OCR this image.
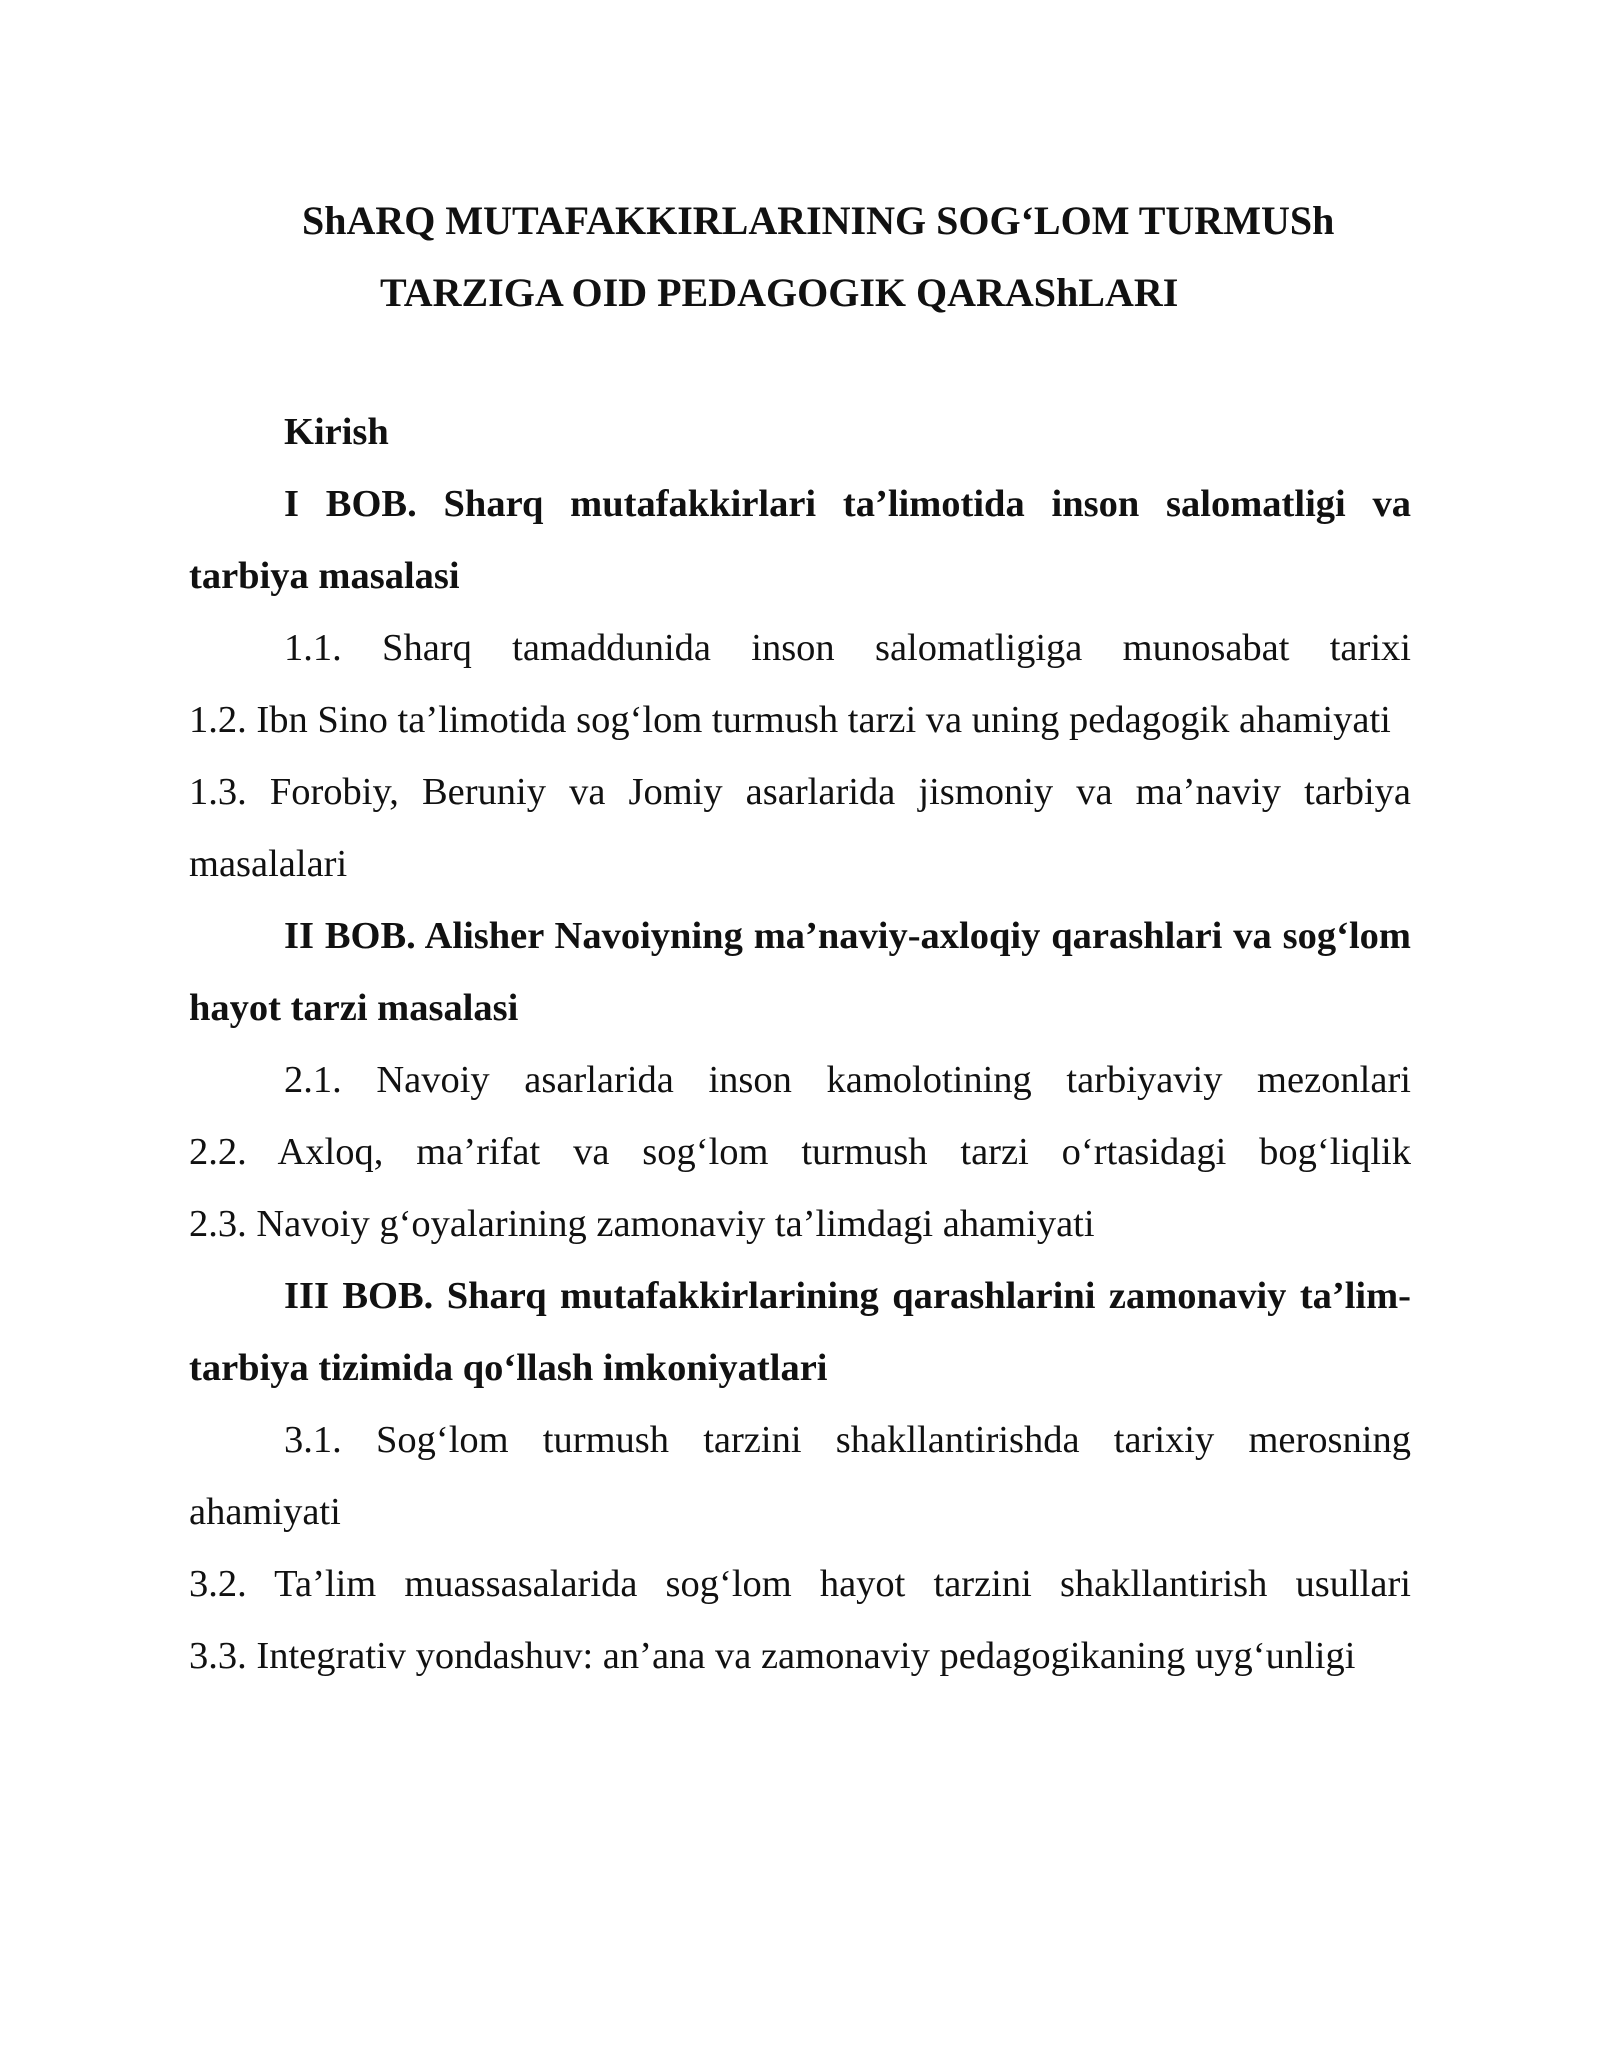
ShARQ MUTAFAKKIRLARINING SOG‘LOM TURMUSh
TARZIGA OID PEDAGOGIK QARAShLARI

Kirish

I BOB. Sharq mutafakkirlari ta’limotida inson salomatligi va tarbiya masalasi

1.1. Sharq tamaddunida inson salomatligiga munosabat tarixi

1.2. Ibn Sino ta’limotida sog‘lom turmush tarzi va uning pedagogik ahamiyati

1.3. Forobiy, Beruniy va Jomiy asarlarida jismoniy va ma’naviy tarbiya masalalari

II BOB. Alisher Navoiyning ma’naviy-axloqiy qarashlari va sog‘lom hayot tarzi masalasi

2.1. Navoiy asarlarida inson kamolotining tarbiyaviy mezonlari

2.2. Axloq, ma’rifat va sog‘lom turmush tarzi o‘rtasidagi bog‘liqlik

2.3. Navoiy g‘oyalarining zamonaviy ta’limdagi ahamiyati

III BOB. Sharq mutafakkirlarining qarashlarini zamonaviy ta’lim-tarbiya tizimida qo‘llash imkoniyatlari

3.1. Sog‘lom turmush tarzini shakllantirishda tarixiy merosning ahamiyati

3.2. Ta’lim muassasalarida sog‘lom hayot tarzini shakllantirish usullari

3.3. Integrativ yondashuv: an’ana va zamonaviy pedagogikaning uyg‘unligi
